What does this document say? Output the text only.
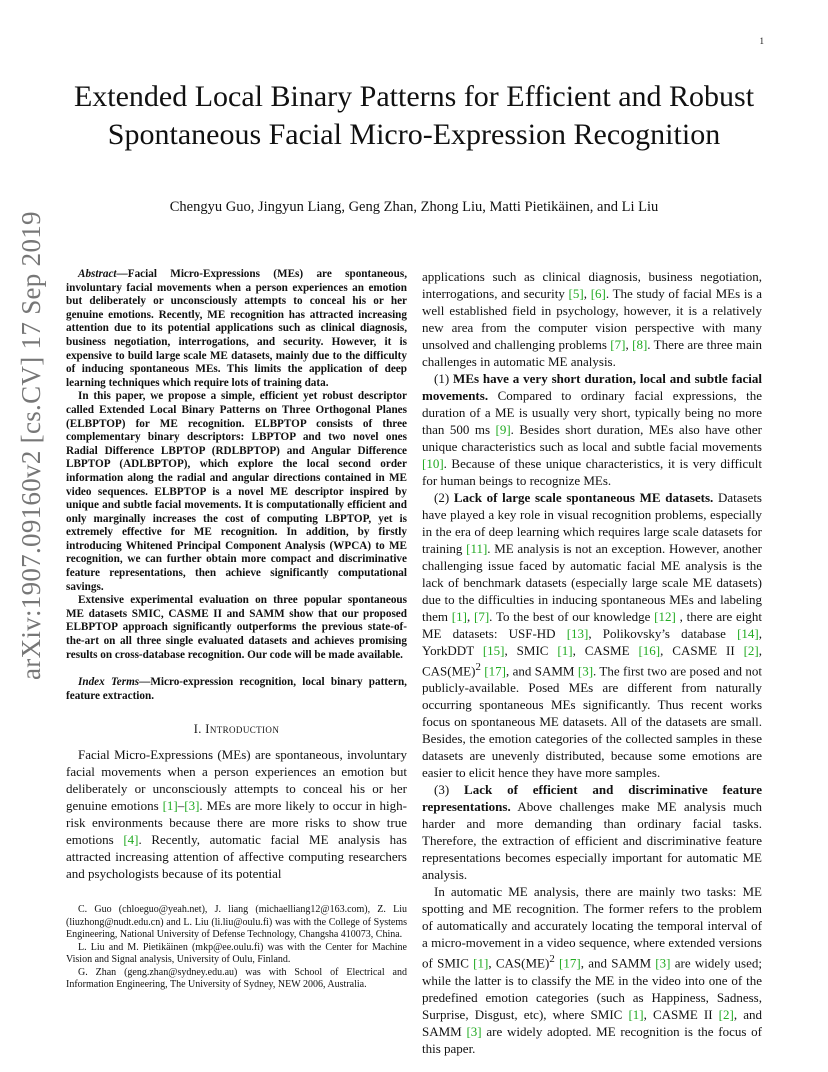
1
arXiv:1907.09160v2 [cs.CV] 17 Sep 2019
Extended Local Binary Patterns for Efficient and Robust Spontaneous Facial Micro-Expression Recognition
Chengyu Guo, Jingyun Liang, Geng Zhan, Zhong Liu, Matti Pietikäinen, and Li Liu

Abstract—Facial Micro-Expressions (MEs) are spontaneous, involuntary facial movements when a person experiences an emotion but deliberately or unconsciously attempts to conceal his or her genuine emotions. Recently, ME recognition has attracted increasing attention due to its potential applications such as clinical diagnosis, business negotiation, interrogations, and security. However, it is expensive to build large scale ME datasets, mainly due to the difficulty of inducing spontaneous MEs. This limits the application of deep learning techniques which require lots of training data.

In this paper, we propose a simple, efficient yet robust descriptor called Extended Local Binary Patterns on Three Orthogonal Planes (ELBPTOP) for ME recognition. ELBPTOP consists of three complementary binary descriptors: LBPTOP and two novel ones Radial Difference LBPTOP (RDLBPTOP) and Angular Difference LBPTOP (ADLBPTOP), which explore the local second order information along the radial and angular directions contained in ME video sequences. ELBPTOP is a novel ME descriptor inspired by unique and subtle facial movements. It is computationally efficient and only marginally increases the cost of computing LBPTOP, yet is extremely effective for ME recognition. In addition, by firstly introducing Whitened Principal Component Analysis (WPCA) to ME recognition, we can further obtain more compact and discriminative feature representations, then achieve significantly computational savings.

Extensive experimental evaluation on three popular spontaneous ME datasets SMIC, CASME II and SAMM show that our proposed ELBPTOP approach significantly outperforms the previous state-of-the-art on all three single evaluated datasets and achieves promising results on cross-database recognition. Our code will be made available.

Index Terms—Micro-expression recognition, local binary pattern, feature extraction.

I. Introduction

Facial Micro-Expressions (MEs) are spontaneous, involuntary facial movements when a person experiences an emotion but deliberately or unconsciously attempts to conceal his or her genuine emotions [1]–[3]. MEs are more likely to occur in high-risk environments because there are more risks to show true emotions [4]. Recently, automatic facial ME analysis has attracted increasing attention of affective computing researchers and psychologists because of its potential

C. Guo (chloeguo@yeah.net), J. liang (michaelliang12@163.com), Z. Liu (liuzhong@nudt.edu.cn) and L. Liu (li.liu@oulu.fi) was with the College of Systems Engineering, National University of Defense Technology, Changsha 410073, China.

L. Liu and M. Pietikäinen (mkp@ee.oulu.fi) was with the Center for Machine Vision and Signal analysis, University of Oulu, Finland.

G. Zhan (geng.zhan@sydney.edu.au) was with School of Electrical and Information Engineering, The University of Sydney, NEW 2006, Australia.

applications such as clinical diagnosis, business negotiation, interrogations, and security [5], [6]. The study of facial MEs is a well established field in psychology, however, it is a relatively new area from the computer vision perspective with many unsolved and challenging problems [7], [8]. There are three main challenges in automatic ME analysis.

(1) MEs have a very short duration, local and subtle facial movements. Compared to ordinary facial expressions, the duration of a ME is usually very short, typically being no more than 500 ms [9]. Besides short duration, MEs also have other unique characteristics such as local and subtle facial movements [10]. Because of these unique characteristics, it is very difficult for human beings to recognize MEs.

(2) Lack of large scale spontaneous ME datasets. Datasets have played a key role in visual recognition problems, especially in the era of deep learning which requires large scale datasets for training [11]. ME analysis is not an exception. However, another challenging issue faced by automatic facial ME analysis is the lack of benchmark datasets (especially large scale ME datasets) due to the difficulties in inducing spontaneous MEs and labeling them [1], [7]. To the best of our knowledge [12] , there are eight ME datasets: USF-HD [13], Polikovsky’s database [14], YorkDDT [15], SMIC [1], CASME [16], CASME II [2], CAS(ME)$^2$ [17], and SAMM [3]. The first two are posed and not publicly-available. Posed MEs are different from naturally occurring spontaneous MEs significantly. Thus recent works focus on spontaneous ME datasets. All of the datasets are small. Besides, the emotion categories of the collected samples in these datasets are unevenly distributed, because some emotions are easier to elicit hence they have more samples.

(3) Lack of efficient and discriminative feature representations. Above challenges make ME analysis much harder and more demanding than ordinary facial tasks. Therefore, the extraction of efficient and discriminative feature representations becomes especially important for automatic ME analysis.

In automatic ME analysis, there are mainly two tasks: ME spotting and ME recognition. The former refers to the problem of automatically and accurately locating the temporal interval of a micro-movement in a video sequence, where extended versions of SMIC [1], CAS(ME)$^2$ [17], and SAMM [3] are widely used; while the latter is to classify the ME in the video into one of the predefined emotion categories (such as Happiness, Sadness, Surprise, Disgust, etc), where SMIC [1], CASME II [2], and SAMM [3] are widely adopted. ME recognition is the focus of this paper.
